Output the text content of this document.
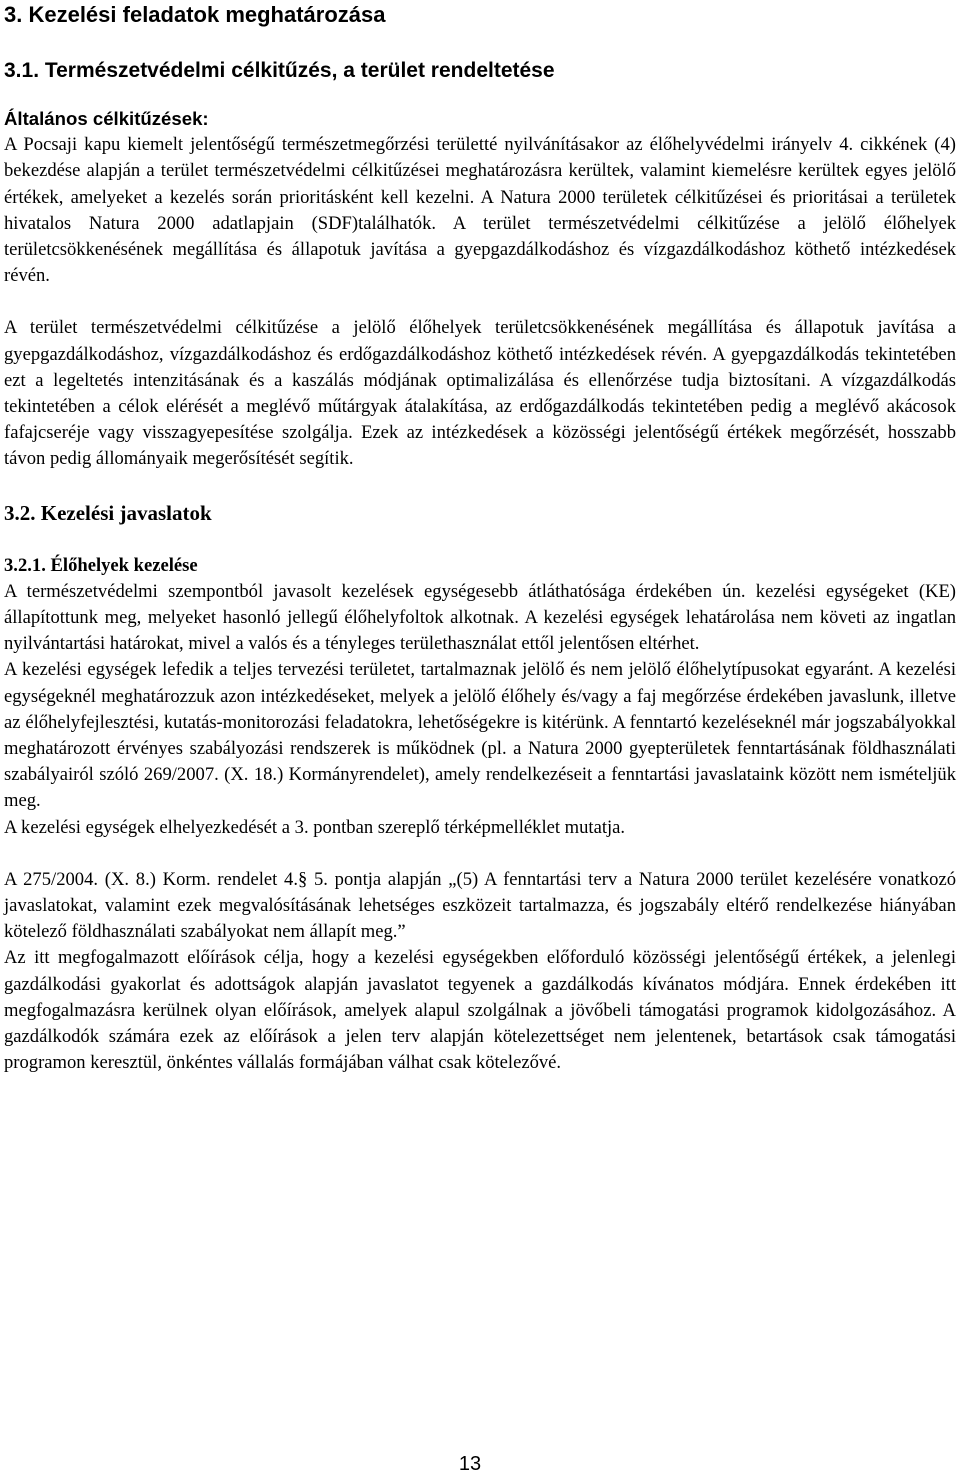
3. Kezelési feladatok meghatározása
3.1. Természetvédelmi célkitűzés, a terület rendeltetése
Általános célkitűzések:

A Pocsaji kapu kiemelt jelentőségű természetmegőrzési területté nyilvánításakor az élőhelyvédelmi irányelv 4. cikkének (4) bekezdése alapján a terület természetvédelmi célkitűzései meghatározásra kerültek, valamint kiemelésre kerültek egyes jelölő értékek, amelyeket a kezelés során prioritásként kell kezelni. A Natura 2000 területek célkitűzései és prioritásai a területek hivatalos Natura 2000 adatlapjain (SDF)találhatók. A terület természetvédelmi célkitűzése a jelölő élőhelyek területcsökkenésének megállítása és állapotuk javítása a gyepgazdálkodáshoz és vízgazdálkodáshoz köthető intézkedések révén.

A terület természetvédelmi célkitűzése a jelölő élőhelyek területcsökkenésének megállítása és állapotuk javítása a gyepgazdálkodáshoz, vízgazdálkodáshoz és erdőgazdálkodáshoz köthető intézkedések révén. A gyepgazdálkodás tekintetében ezt a legeltetés intenzitásának és a kaszálás módjának optimalizálása és ellenőrzése tudja biztosítani. A vízgazdálkodás tekintetében a célok elérését a meglévő műtárgyak átalakítása, az erdőgazdálkodás tekintetében pedig a meglévő akácosok fafajcseréje vagy visszagyepesítése szolgálja. Ezek az intézkedések a közösségi jelentőségű értékek megőrzését, hosszabb távon pedig állományaik megerősítését segítik.

3.2. Kezelési javaslatok
3.2.1. Élőhelyek kezelése

A természetvédelmi szempontból javasolt kezelések egységesebb átláthatósága érdekében ún. kezelési egységeket (KE) állapítottunk meg, melyeket hasonló jellegű élőhelyfoltok alkotnak. A kezelési egységek lehatárolása nem követi az ingatlan nyilvántartási határokat, mivel a valós és a tényleges területhasználat ettől jelentősen eltérhet.

A kezelési egységek lefedik a teljes tervezési területet, tartalmaznak jelölő és nem jelölő élőhelytípusokat egyaránt. A kezelési egységeknél meghatározzuk azon intézkedéseket, melyek a jelölő élőhely és/vagy a faj megőrzése érdekében javaslunk, illetve az élőhelyfejlesztési, kutatás-monitorozási feladatokra, lehetőségekre is kitérünk. A fenntartó kezeléseknél már jogszabályokkal meghatározott érvényes szabályozási rendszerek is működnek (pl. a Natura 2000 gyepterületek fenntartásának földhasználati szabályairól szóló 269/2007. (X. 18.) Kormányrendelet), amely rendelkezéseit a fenntartási javaslataink között nem ismételjük meg.

A kezelési egységek elhelyezkedését a 3. pontban szereplő térképmelléklet mutatja.

A 275/2004. (X. 8.) Korm. rendelet 4.§ 5. pontja alapján „(5) A fenntartási terv a Natura 2000 terület kezelésére vonatkozó javaslatokat, valamint ezek megvalósításának lehetséges eszközeit tartalmazza, és jogszabály eltérő rendelkezése hiányában kötelező földhasználati szabályokat nem állapít meg.”

Az itt megfogalmazott előírások célja, hogy a kezelési egységekben előforduló közösségi jelentőségű értékek, a jelenlegi gazdálkodási gyakorlat és adottságok alapján javaslatot tegyenek a gazdálkodás kívánatos módjára. Ennek érdekében itt megfogalmazásra kerülnek olyan előírások, amelyek alapul szolgálnak a jövőbeli támogatási programok kidolgozásához. A gazdálkodók számára ezek az előírások a jelen terv alapján kötelezettséget nem jelentenek, betartások csak támogatási programon keresztül, önkéntes vállalás formájában válhat csak kötelezővé.

13
